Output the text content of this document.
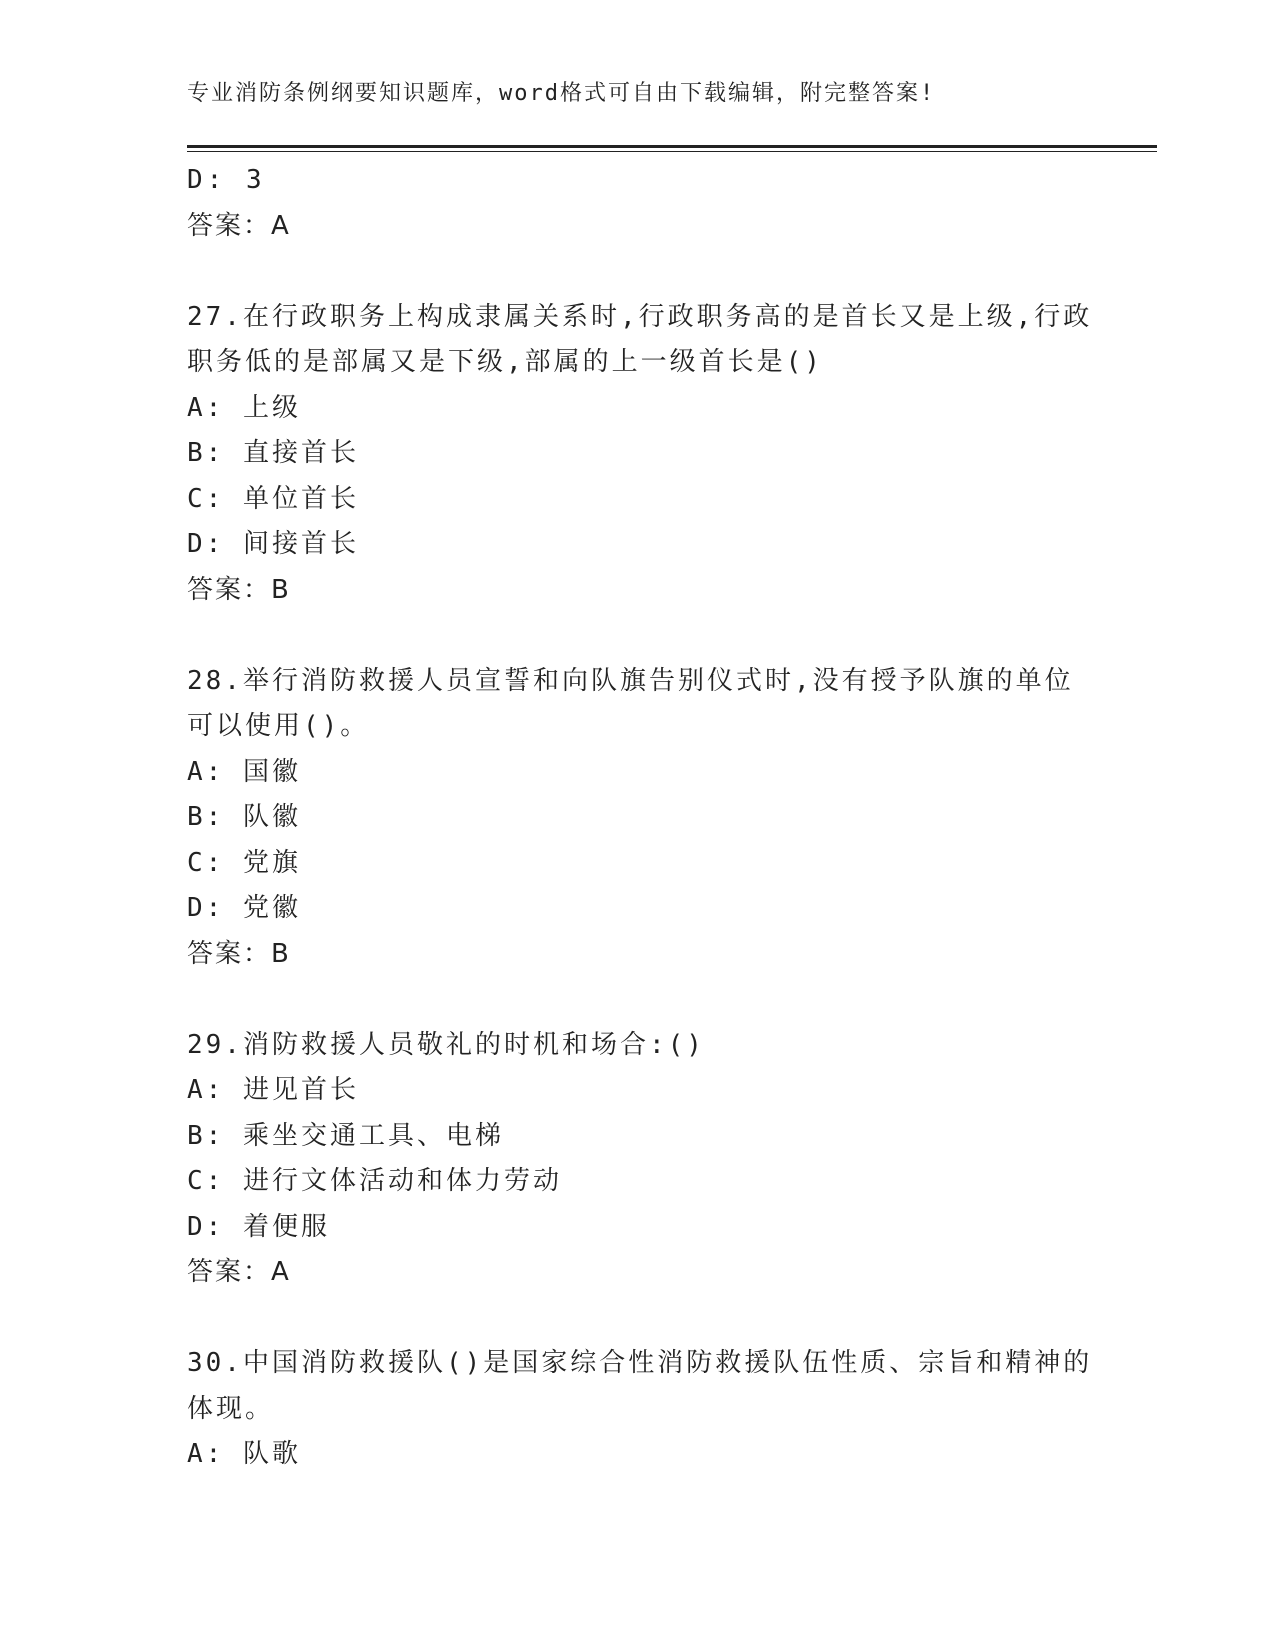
专业消防条例纲要知识题库，word格式可自由下载编辑，附完整答案!
D: 3
答案：A
27.在行政职务上构成隶属关系时,行政职务高的是首长又是上级,行政
职务低的是部属又是下级,部属的上一级首长是()
A: 上级
B: 直接首长
C: 单位首长
D: 间接首长
答案：B
28.举行消防救援人员宣誓和向队旗告别仪式时,没有授予队旗的单位
可以使用()。
A: 国徽
B: 队徽
C: 党旗
D: 党徽
答案：B
29.消防救援人员敬礼的时机和场合:()
A: 进见首长
B: 乘坐交通工具、电梯
C: 进行文体活动和体力劳动
D: 着便服
答案：A
30.中国消防救援队()是国家综合性消防救援队伍性质、宗旨和精神的
体现。
A: 队歌
